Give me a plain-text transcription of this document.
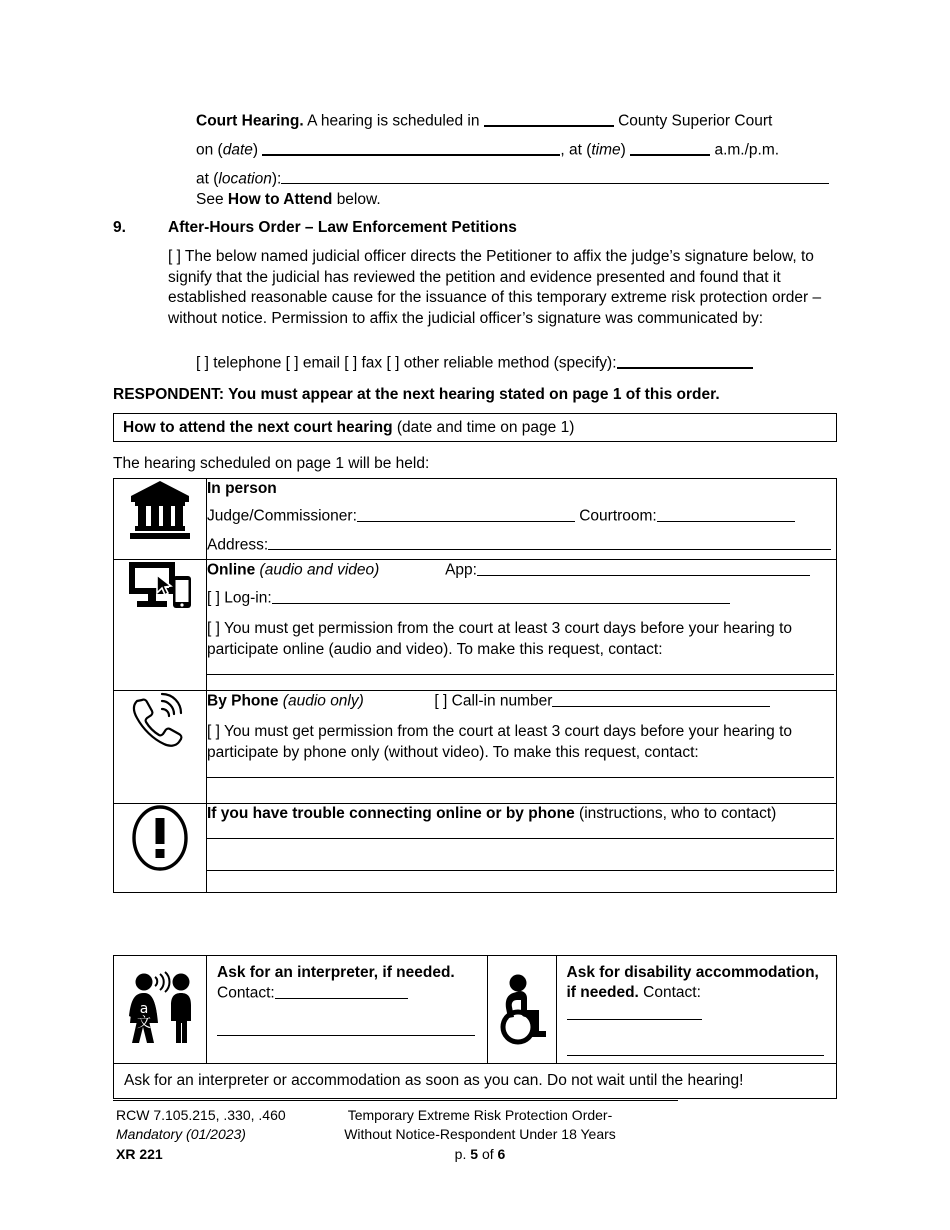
Court Hearing. A hearing is scheduled in	County Superior Court
on (date)	, at (time)	a.m./p.m.
at (location):
See How to Attend below.
9.	After-Hours Order – Law Enforcement Petitions
[ ] The below named judicial officer directs the Petitioner to affix the judge’s signature below, to signify that the judicial has reviewed the petition and evidence presented and found that it established reasonable cause for the issuance of this temporary extreme risk protection order – without notice. Permission to affix the judicial officer’s signature was communicated by:
[ ] telephone [ ] email [ ] fax [ ] other reliable method (specify):
RESPONDENT: You must appear at the next hearing stated on page 1 of this order.
How to attend the next court hearing
(date and time on page 1)
The hearing scheduled on page 1 will be held:

In person
Judge/Commissioner: Courtroom:
Address:

Online (audio and video) App:
[ ] Log-in:
[ ] You must get permission from the court at least 3 court days before your hearing to participate online (audio and video). To make this request, contact:

By Phone (audio only) [ ] Call-in number
[ ] You must get permission from the court at least 3 court days before your hearing to participate by phone only (without video). To make this request, contact:

If you have trouble connecting online or by phone (instructions, who to contact)
a
文

Ask for an interpreter, if needed.
Contact:

Ask for disability accommodation,
if needed. Contact:

Ask for an interpreter or accommodation as soon as you can. Do not wait until the hearing!
RCW 7.105.215, .330, .460
Mandatory (01/2023)
XR 221
Temporary Extreme Risk Protection Order-
Without Notice-Respondent Under 18 Years
p. 5 of 6
